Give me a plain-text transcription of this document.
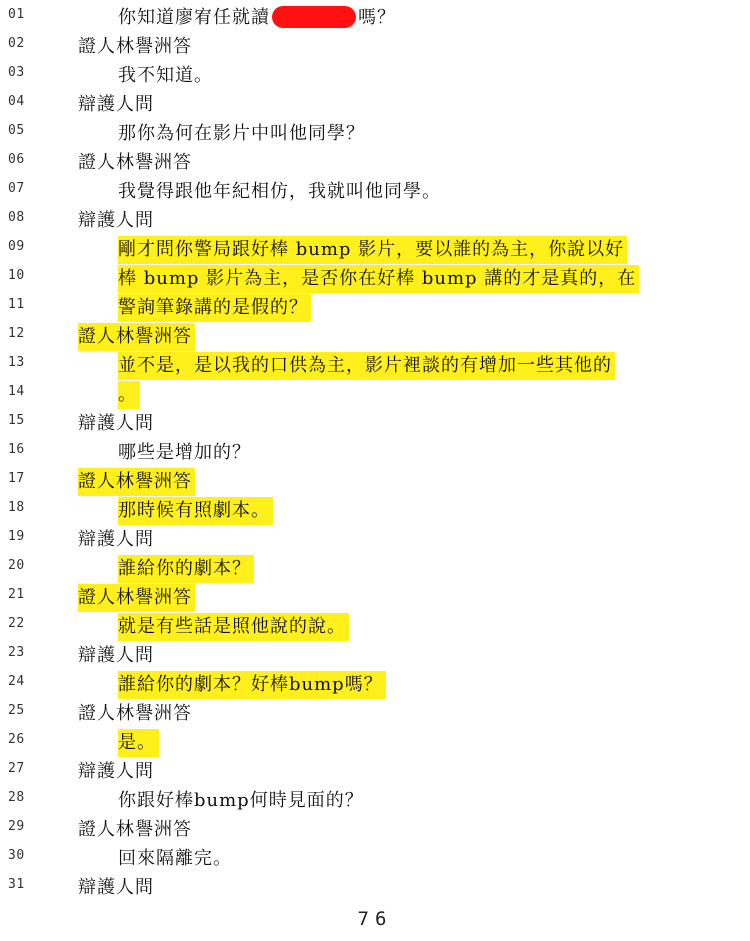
01	你知道廖宥任就讀	嗎？
02	證人林譽洲答
03	我不知道。
04	辯護人問
05	那你為何在影片中叫他同學？
06	證人林譽洲答
07	我覺得跟他年紀相仿，我就叫他同學。
08	辯護人問
09	剛才問你警局跟好棒 bump 影片，要以誰的為主，你說以好
10	棒 bump 影片為主，是否你在好棒 bump 講的才是真的，在
11	警詢筆錄講的是假的？
12	證人林譽洲答
13	並不是，是以我的口供為主，影片裡談的有增加一些其他的
14	。
15	辯護人問
16	哪些是增加的？
17	證人林譽洲答
18	那時候有照劇本。
19	辯護人問
20	誰給你的劇本？
21	證人林譽洲答
22	就是有些話是照他說的說。
23	辯護人問
24	誰給你的劇本？好棒bump嗎？
25	證人林譽洲答
26	是。
27	辯護人問
28	你跟好棒bump何時見面的？
29	證人林譽洲答
30	回來隔離完。
31	辯護人問
76
